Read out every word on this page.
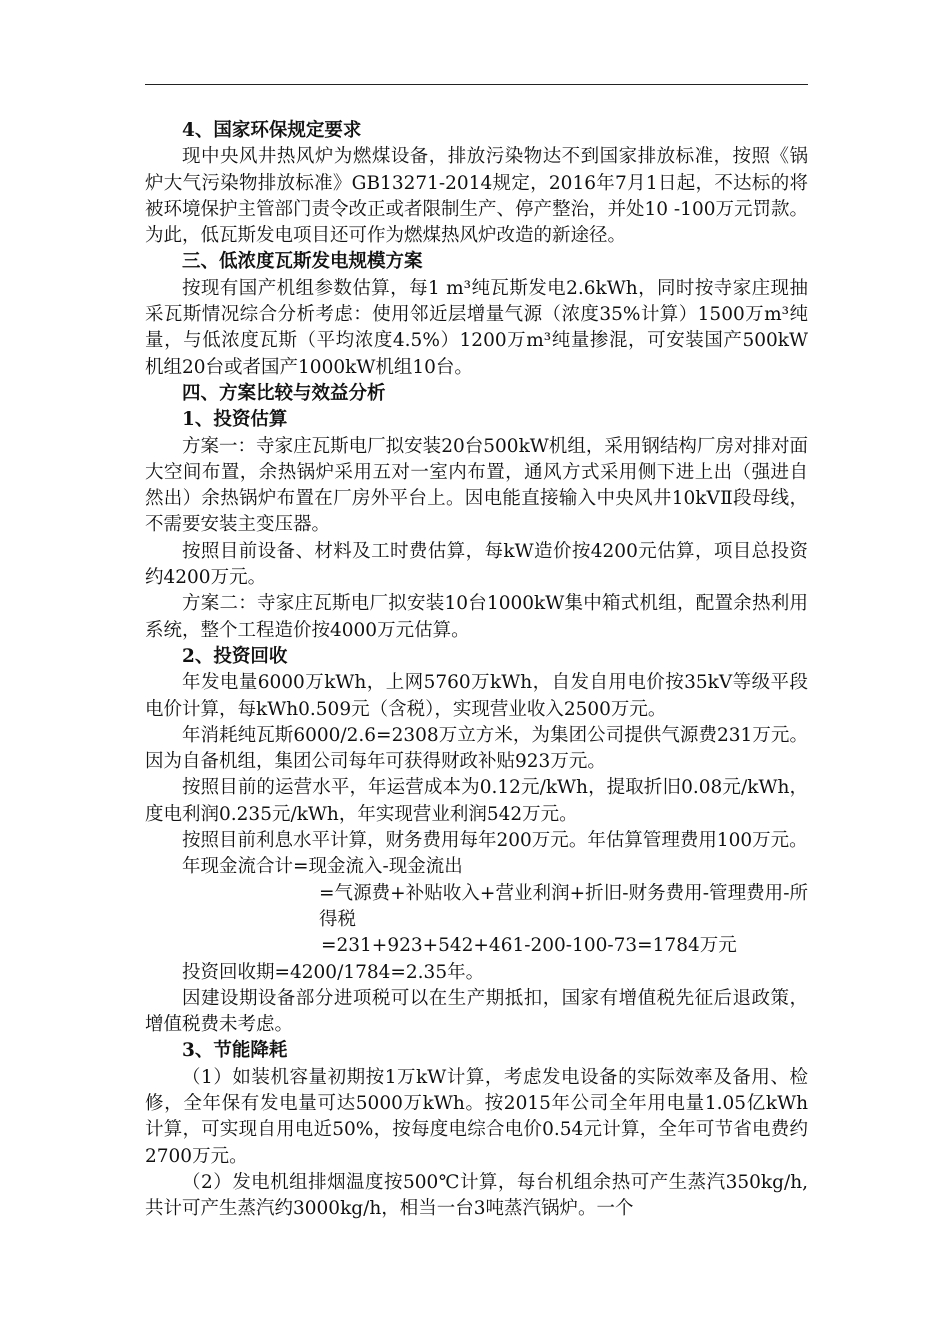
4、国家环保规定要求

现中央风井热风炉为燃煤设备，排放污染物达不到国家排放标准，按照《锅炉大气污染物排放标准》GB13271-2014规定，2016年7月1日起，不达标的将被环境保护主管部门责令改正或者限制生产、停产整治，并处10 -100万元罚款。为此，低瓦斯发电项目还可作为燃煤热风炉改造的新途径。

三、低浓度瓦斯发电规模方案

按现有国产机组参数估算，每1 m³纯瓦斯发电2.6kWh，同时按寺家庄现抽采瓦斯情况综合分析考虑：使用邻近层增量气源（浓度35%计算）1500万m³纯量，与低浓度瓦斯（平均浓度4.5%）1200万m³纯量掺混，可安装国产500kW机组20台或者国产1000kW机组10台。

四、方案比较与效益分析

1、投资估算

方案一：寺家庄瓦斯电厂拟安装20台500kW机组，采用钢结构厂房对排对面大空间布置，余热锅炉采用五对一室内布置，通风方式采用侧下进上出（强进自然出）余热锅炉布置在厂房外平台上。因电能直接输入中央风井10kVⅡ段母线，不需要安装主变压器。

按照目前设备、材料及工时费估算，每kW造价按4200元估算，项目总投资约4200万元。

方案二：寺家庄瓦斯电厂拟安装10台1000kW集中箱式机组，配置余热利用系统，整个工程造价按4000万元估算。

2、投资回收

年发电量6000万kWh，上网5760万kWh，自发自用电价按35kV等级平段电价计算，每kWh0.509元（含税），实现营业收入2500万元。

年消耗纯瓦斯6000/2.6=2308万立方米，为集团公司提供气源费231万元。因为自备机组，集团公司每年可获得财政补贴923万元。

按照目前的运营水平，年运营成本为0.12元/kWh，提取折旧0.08元/kWh，度电利润0.235元/kWh，年实现营业利润542万元。

按照目前利息水平计算，财务费用每年200万元。年估算管理费用100万元。

年现金流合计=现金流入-现金流出

=气源费+补贴收入+营业利润+折旧-财务费用-管理费用-所得税

=231+923+542+461-200-100-73=1784万元

投资回收期=4200/1784=2.35年。

因建设期设备部分进项税可以在生产期抵扣，国家有增值税先征后退政策，增值税费未考虑。

3、节能降耗

（1）如装机容量初期按1万kW计算，考虑发电设备的实际效率及备用、检修，全年保有发电量可达5000万kWh。按2015年公司全年用电量1.05亿kWh计算，可实现自用电近50%，按每度电综合电价0.54元计算，全年可节省电费约2700万元。

（2）发电机组排烟温度按500℃计算，每台机组余热可产生蒸汽350kg/h,共计可产生蒸汽约3000kg/h，相当一台3吨蒸汽锅炉。一个
